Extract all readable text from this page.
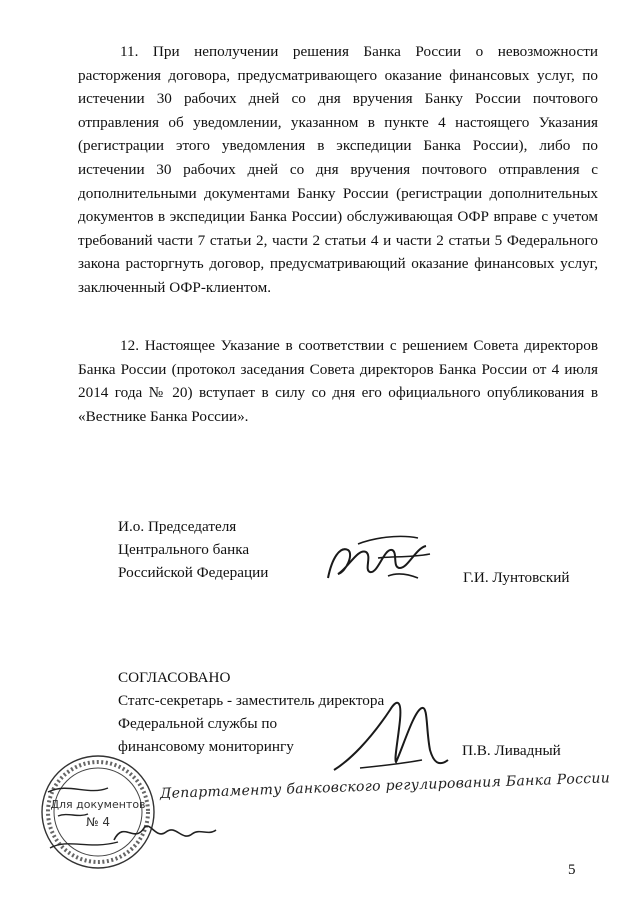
11. При неполучении решения Банка России о невозможности расторжения договора, предусматривающего оказание финансовых услуг, по истечении 30 рабочих дней со дня вручения Банку России почтового отправления об уведомлении, указанном в пункте 4 настоящего Указания (регистрации этого уведомления в экспедиции Банка России), либо по истечении 30 рабочих дней со дня вручения почтового отправления с дополнительными документами Банку России (регистрации дополнительных документов в экспедиции Банка России) обслуживающая ОФР вправе с учетом требований части 7 статьи 2, части 2 статьи 4 и части 2 статьи 5 Федерального закона расторгнуть договор, предусматривающий оказание финансовых услуг, заключенный ОФР-клиентом.

12. Настоящее Указание в соответствии с решением Совета директоров Банка России (протокол заседания Совета директоров Банка России от 4 июля 2014 года № 20) вступает в силу со дня его официального опубликования в «Вестнике Банка России».

И.о. Председателя
Центрального банка
Российской Федерации	Г.И. Лунтовский
СОГЛАСОВАНО
Статс-секретарь - заместитель директора
Федеральной службы по
финансовому мониторингу	П.В. Ливадный
Для документов
№ 4
Департаменту банковского регулирования Банка России
5
